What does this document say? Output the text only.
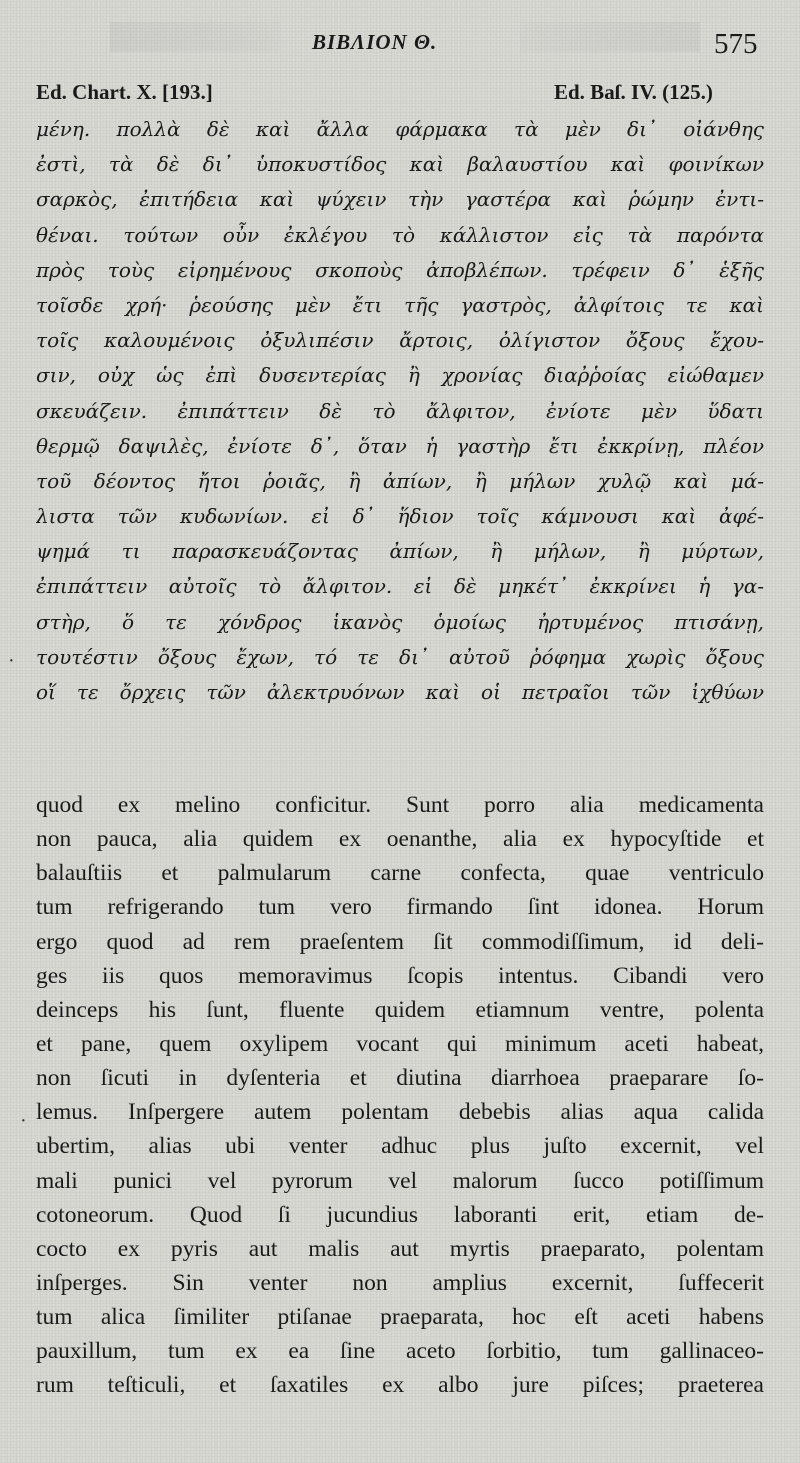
ΒΙΒΛΙΟΝ Θ.	575
Ed. Chart. X. [193.]	Ed. Baſ. IV. (125.)
μένη. πολλὰ δὲ καὶ ἄλλα φάρμακα τὰ μὲν δι᾽ οἰάνθης
ἐστὶ, τὰ δὲ δι᾽ ὑποκυστίδος καὶ βαλαυστίου καὶ φοινίκων
σαρκὸς, ἐπιτήδεια καὶ ψύχειν τὴν γαστέρα καὶ ῥώμην ἐντι-
θέναι. τούτων οὖν ἐκλέγου τὸ κάλλιστον εἰς τὰ παρόντα
πρὸς τοὺς εἰρημένους σκοποὺς ἀποβλέπων. τρέφειν δ᾽ ἑξῆς
τοῖσδε χρή· ῥεούσης μὲν ἔτι τῆς γαστρὸς, ἀλφίτοις τε καὶ
τοῖς καλουμένοις ὀξυλιπέσιν ἄρτοις, ὀλίγιστον ὄξους ἔχου-
σιν, οὐχ ὡς ἐπὶ δυσεντερίας ἢ χρονίας διαῤῥοίας εἰώθαμεν
σκευάζειν. ἐπιπάττειν δὲ τὸ ἄλφιτον, ἐνίοτε μὲν ὕδατι
θερμῷ δαψιλὲς, ἐνίοτε δ᾽, ὅταν ἡ γαστὴρ ἔτι ἐκκρίνῃ, πλέον
τοῦ δέοντος ἤτοι ῥοιᾶς, ἢ ἀπίων, ἢ μήλων χυλῷ καὶ μά-
λιστα τῶν κυδωνίων. εἰ δ᾽ ἥδιον τοῖς κάμνουσι καὶ ἀφέ-
ψημά τι παρασκευάζοντας ἀπίων, ἢ μήλων, ἢ μύρτων,
ἐπιπάττειν αὐτοῖς τὸ ἄλφιτον. εἰ δὲ μηκέτ᾽ ἐκκρίνει ἡ γα-
στὴρ, ὅ τε χόνδρος ἱκανὸς ὁμοίως ἠρτυμένος πτισάνῃ,
τουτέστιν ὄξους ἔχων, τό τε δι᾽ αὐτοῦ ῥόφημα χωρὶς ὄξους
οἵ τε ὄρχεις τῶν ἀλεκτρυόνων καὶ οἱ πετραῖοι τῶν ἰχθύων
·
quod ex melino conficitur. Sunt porro alia medicamenta
non pauca, alia quidem ex oenanthe, alia ex hypocyſtide et
balauſtiis et palmularum carne confecta, quae ventriculo
tum refrigerando tum vero firmando ſint idonea. Horum
ergo quod ad rem praeſentem ſit commodiſſimum, id deli-
ges iis quos memoravimus ſcopis intentus. Cibandi vero
deinceps his ſunt, fluente quidem etiamnum ventre, polenta
et pane, quem oxylipem vocant qui minimum aceti habeat,
non ſicuti in dyſenteria et diutina diarrhoea praeparare ſo-
lemus. Inſpergere autem polentam debebis alias aqua calida
ubertim, alias ubi venter adhuc plus juſto excernit, vel
mali punici vel pyrorum vel malorum ſucco potiſſimum
cotoneorum. Quod ſi jucundius laboranti erit, etiam de-
cocto ex pyris aut malis aut myrtis praeparato, polentam
inſperges. Sin venter non amplius excernit, ſuffecerit
tum alica ſimiliter ptiſanae praeparata, hoc eſt aceti habens
pauxillum, tum ex ea ſine aceto ſorbitio, tum gallinaceo-
rum teſticuli, et ſaxatiles ex albo jure piſces; praeterea
·
